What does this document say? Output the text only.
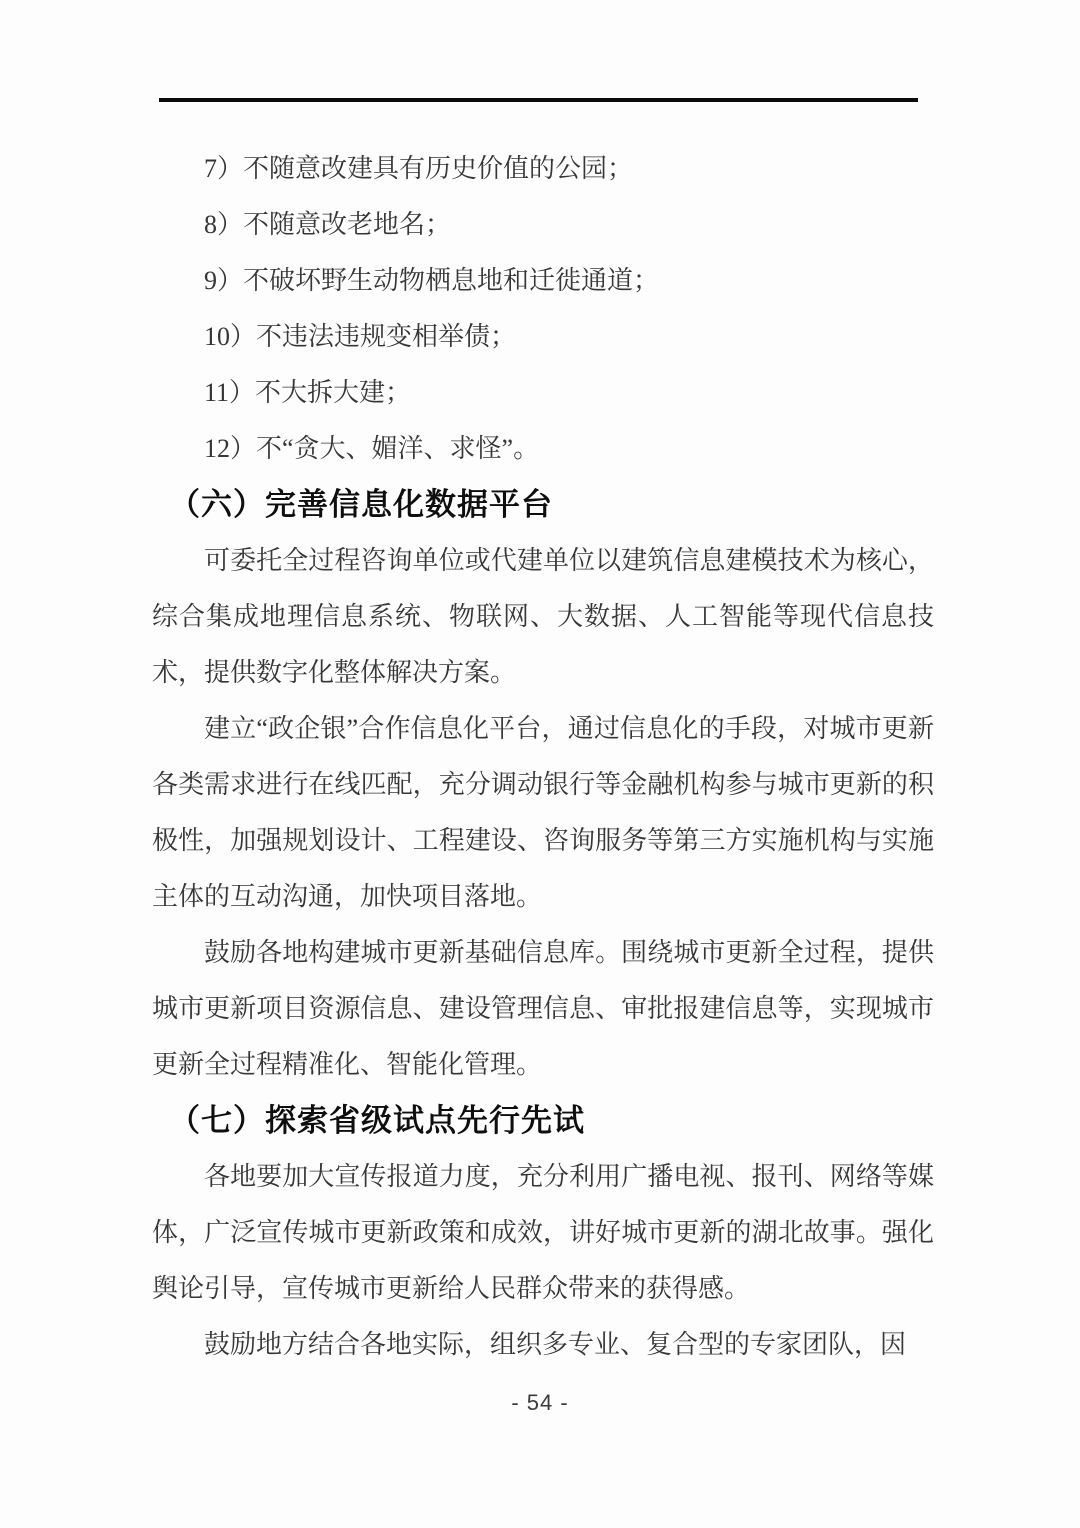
7）不随意改建具有历史价值的公园；

8）不随意改老地名；

9）不破坏野生动物栖息地和迁徙通道；

10）不违法违规变相举债；

11）不大拆大建；

12）不“贪大、媚洋、求怪”。

（六）完善信息化数据平台

可委托全过程咨询单位或代建单位以建筑信息建模技术为核心，综合集成地理信息系统、物联网、大数据、人工智能等现代信息技术，提供数字化整体解决方案。

建立“政企银”合作信息化平台，通过信息化的手段，对城市更新各类需求进行在线匹配，充分调动银行等金融机构参与城市更新的积极性，加强规划设计、工程建设、咨询服务等第三方实施机构与实施主体的互动沟通，加快项目落地。

鼓励各地构建城市更新基础信息库。围绕城市更新全过程，提供城市更新项目资源信息、建设管理信息、审批报建信息等，实现城市更新全过程精准化、智能化管理。

（七）探索省级试点先行先试

各地要加大宣传报道力度，充分利用广播电视、报刊、网络等媒体，广泛宣传城市更新政策和成效，讲好城市更新的湖北故事。强化舆论引导，宣传城市更新给人民群众带来的获得感。

鼓励地方结合各地实际，组织多专业、复合型的专家团队，因

- 54 -
